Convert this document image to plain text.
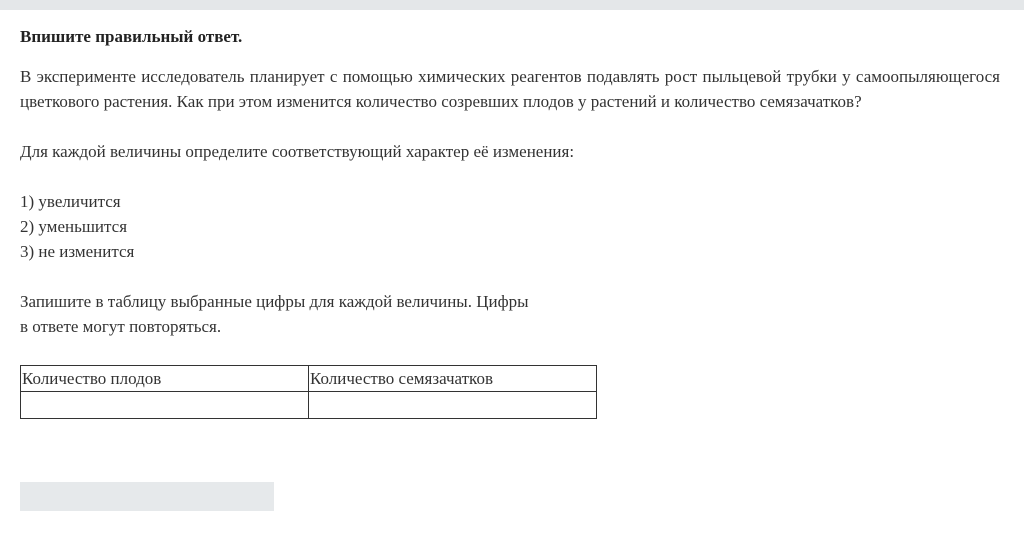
Впишите правильный ответ.

В эксперименте исследователь планирует с помощью химических реагентов подавлять рост пыльцевой трубки у самоопыляющегося цветкового растения. Как при этом изменится количество созревших плодов у растений и количество семязачатков?

Для каждой величины определите соответствующий характер её изменения:

1) увеличится
2) уменьшится
3) не изменится

Запишите в таблицу выбранные цифры для каждой величины. Цифры
в ответе могут повторяться.

Количество плодов	Количество семязачатков
